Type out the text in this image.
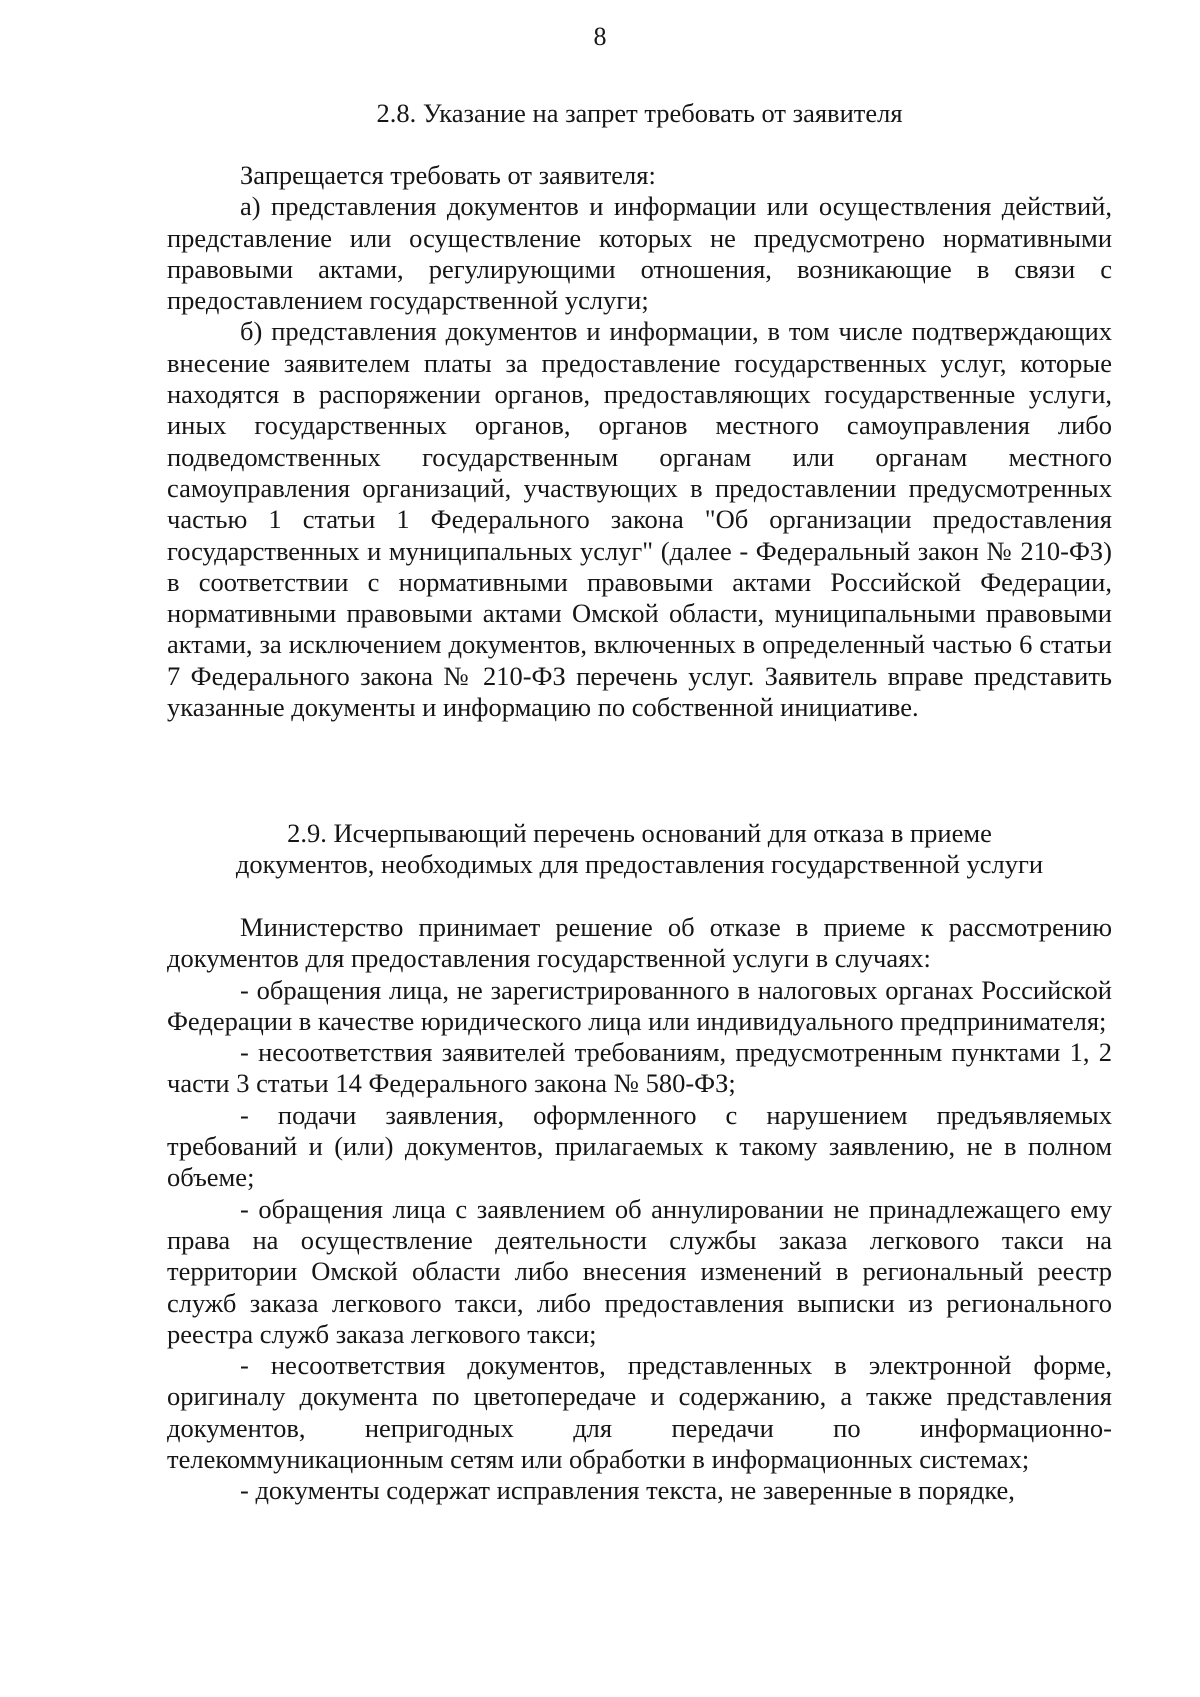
8

2.8. Указание на запрет требовать от заявителя

Запрещается требовать от заявителя:

а) представления документов и информации или осуществления действий, представление или осуществление которых не предусмотрено нормативными правовыми актами, регулирующими отношения, возникающие в связи с предоставлением государственной услуги;

б) представления документов и информации, в том числе подтверждающих внесение заявителем платы за предоставление государственных услуг, которые находятся в распоряжении органов, предоставляющих государственные услуги, иных государственных органов, органов местного самоуправления либо подведомственных государственным органам или органам местного самоуправления организаций, участвующих в предоставлении предусмотренных частью 1 статьи 1 Федерального закона "Об организации предоставления государственных и муниципальных услуг" (далее - Федеральный закон № 210-ФЗ) в соответствии с нормативными правовыми актами Российской Федерации, нормативными правовыми актами Омской области, муниципальными правовыми актами, за исключением документов, включенных в определенный частью 6 статьи 7 Федерального закона № 210-ФЗ перечень услуг. Заявитель вправе представить указанные документы и информацию по собственной инициативе.

2.9. Исчерпывающий перечень оснований для отказа в приеме

документов, необходимых для предоставления государственной услуги

Министерство принимает решение об отказе в приеме к рассмотрению документов для предоставления государственной услуги в случаях:

- обращения лица, не зарегистрированного в налоговых органах Российской Федерации в качестве юридического лица или индивидуального предпринимателя;

- несоответствия заявителей требованиям, предусмотренным пунктами 1, 2 части 3 статьи 14 Федерального закона № 580-ФЗ;

- подачи заявления, оформленного с нарушением предъявляемых требований и (или) документов, прилагаемых к такому заявлению, не в полном объеме;

- обращения лица с заявлением об аннулировании не принадлежащего ему права на осуществление деятельности службы заказа легкового такси на территории Омской области либо внесения изменений в региональный реестр служб заказа легкового такси, либо предоставления выписки из регионального реестра служб заказа легкового такси;

- несоответствия документов, представленных в электронной форме, оригиналу документа по цветопередаче и содержанию, а также представления документов, непригодных для передачи по информационно-телекоммуникационным сетям или обработки в информационных системах;

- документы содержат исправления текста, не заверенные в порядке,
